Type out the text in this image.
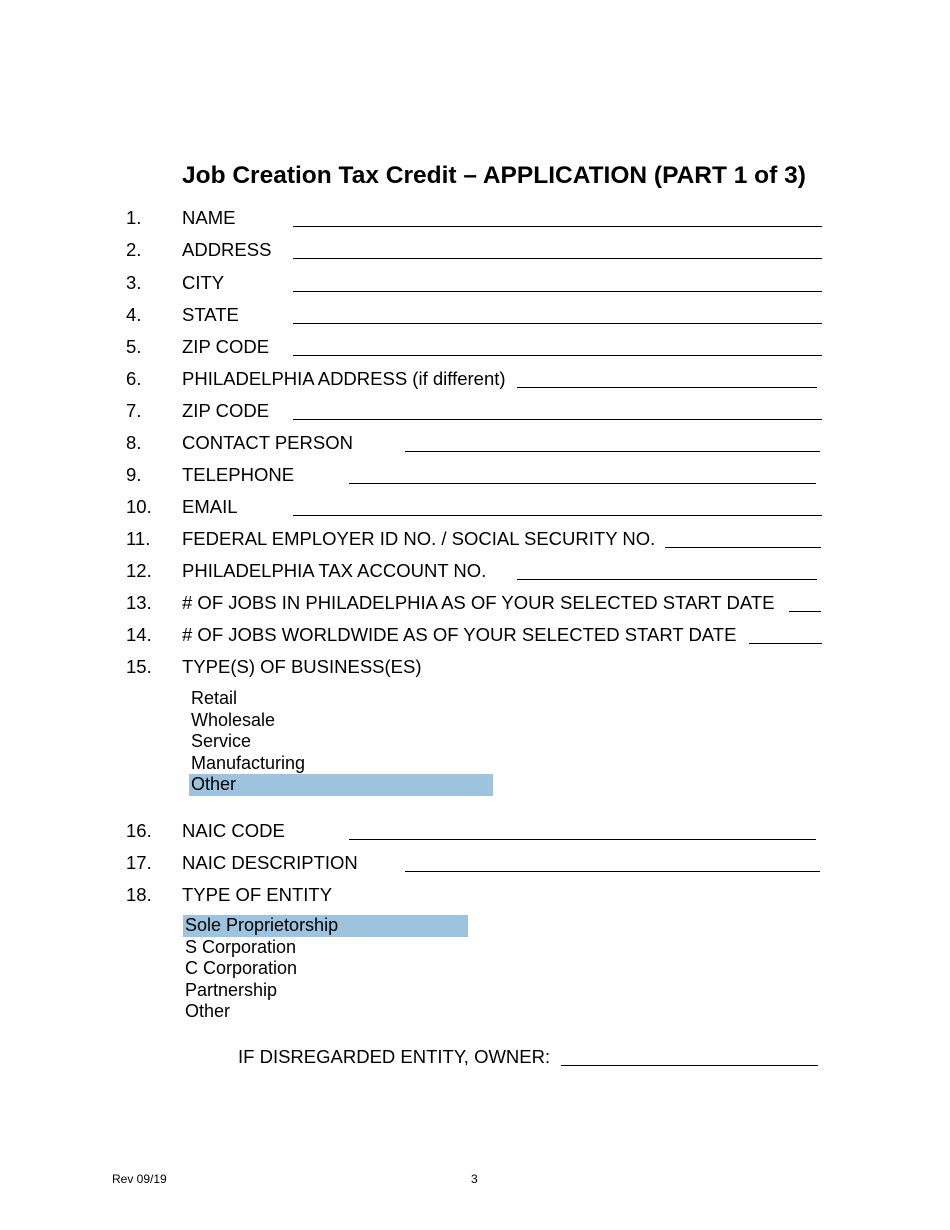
Job Creation Tax Credit – APPLICATION (PART 1 of 3)
1. NAME
2. ADDRESS
3. CITY
4. STATE
5. ZIP CODE
6. PHILADELPHIA ADDRESS (if different)
7. ZIP CODE
8. CONTACT PERSON
9. TELEPHONE
10. EMAIL
11. FEDERAL EMPLOYER ID NO. / SOCIAL SECURITY NO.
12. PHILADELPHIA TAX ACCOUNT NO.
13. # OF JOBS IN PHILADELPHIA AS OF YOUR SELECTED START DATE
14. # OF JOBS WORLDWIDE AS OF YOUR SELECTED START DATE
15. TYPE(S) OF BUSINESS(ES)
Retail
Wholesale
Service
Manufacturing
Other
16. NAIC CODE
17. NAIC DESCRIPTION
18. TYPE OF ENTITY
Sole Proprietorship
S Corporation
C Corporation
Partnership
Other
IF DISREGARDED ENTITY, OWNER:
Rev 09/19	3
